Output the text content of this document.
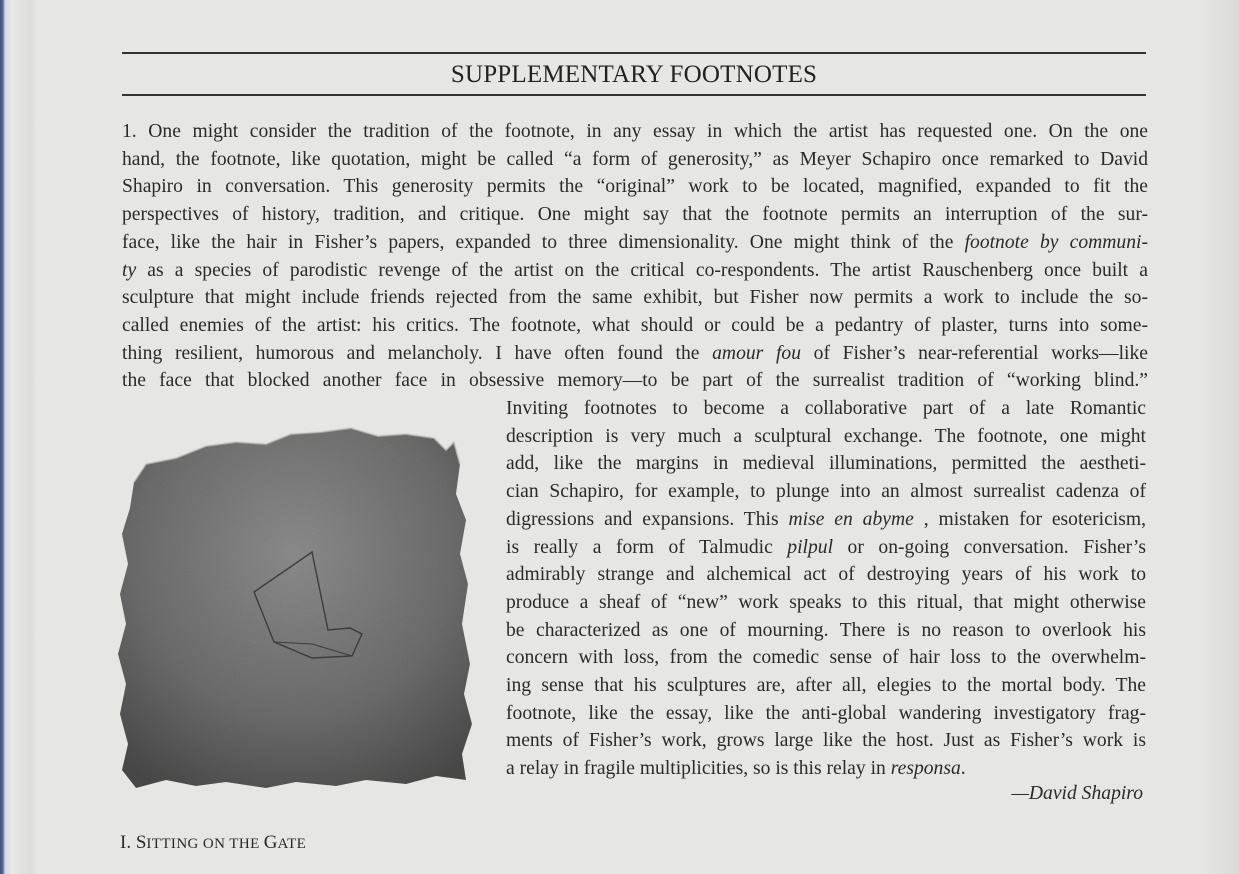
SUPPLEMENTARY FOOTNOTES
1. One might consider the tradition of the footnote, in any essay in which the artist has requested one. On the one
hand, the footnote, like quotation, might be called “a form of generosity,” as Meyer Schapiro once remarked to David
Shapiro in conversation. This generosity permits the “original” work to be located, magnified, expanded to fit the
perspectives of history, tradition, and critique. One might say that the footnote permits an interruption of the sur-
face, like the hair in Fisher’s papers, expanded to three dimensionality. One might think of the footnote by communi-
ty as a species of parodistic revenge of the artist on the critical co-respondents. The artist Rauschenberg once built a
sculpture that might include friends rejected from the same exhibit, but Fisher now permits a work to include the so-
called enemies of the artist: his critics. The footnote, what should or could be a pedantry of plaster, turns into some-
thing resilient, humorous and melancholy. I have often found the amour fou of Fisher’s near-referential works—like
the face that blocked another face in obsessive memory—to be part of the surrealist tradition of “working blind.”
Inviting footnotes to become a collaborative part of a late Romantic
description is very much a sculptural exchange. The footnote, one might
add, like the margins in medieval illuminations, permitted the aestheti-
cian Schapiro, for example, to plunge into an almost surrealist cadenza of
digressions and expansions. This mise en abyme , mistaken for esotericism,
is really a form of Talmudic pilpul or on-going conversation. Fisher’s
admirably strange and alchemical act of destroying years of his work to
produce a sheaf of “new” work speaks to this ritual, that might otherwise
be characterized as one of mourning. There is no reason to overlook his
concern with loss, from the comedic sense of hair loss to the overwhelm-
ing sense that his sculptures are, after all, elegies to the mortal body. The
footnote, like the essay, like the anti-global wandering investigatory frag-
ments of Fisher’s work, grows large like the host. Just as Fisher’s work is
a relay in fragile multiplicities, so is this relay in responsa.
—David Shapiro
I. SITTING ON THE GATE
